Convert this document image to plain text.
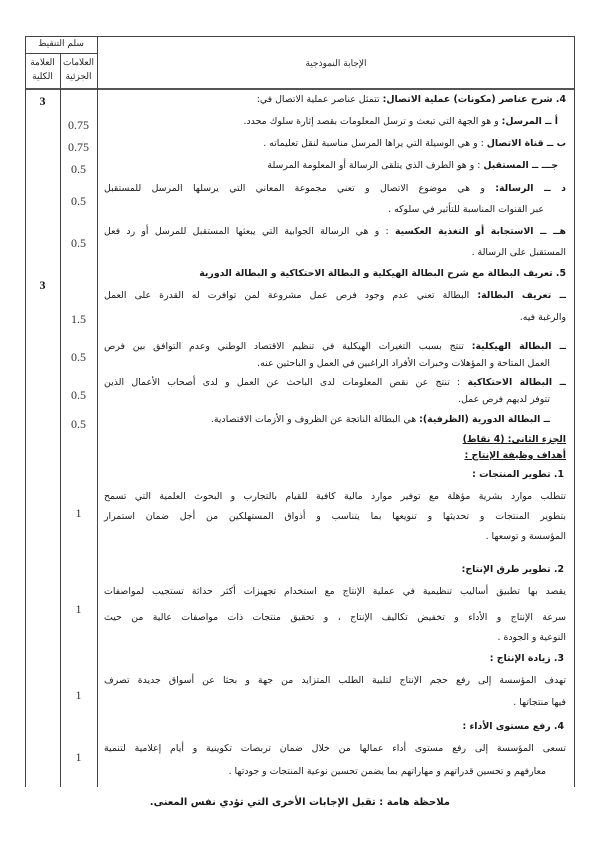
سلم التنقيط
العلامة
الكلية
العلامات
الجزئية
الإجابة النموذجية
3
0.75
0.75
0.5
0.5
0.5
3
1.5
0.5
0.5
0.5
1
1
1
1
4. شرح عناصر (مكونات) عملية الاتصال: تتمثل عناصر عملية الاتصال في:
أ ــ المرسل: و هو الجهة التي تبعث و ترسل المعلومات بقصد إثارة سلوك محدد.
ب ــ قناة الاتصال : و هي الوسيلة التي يراها المرسل مناسبة لنقل تعليماته .
جـــ ــ المستقبل : و هو الطرف الذي يتلقى الرسالة أو المعلومة المرسلة
د ــ الرسالة: و هي موضوع الاتصال و تعني مجموعة المعاني التي يرسلها المرسل للمستقبل
عبر القنوات المناسبة للتأثير في سلوكه .
هــ ــ الاستجابة أو التغذية العكسية : و هي الرسالة الجوابية التي يبعثها المستقبل للمرسل أو رد فعل
المستقبل على الرسالة .
5. تعريف البطالة مع شرح البطالة الهيكلية و البطالة الاحتكاكية و البطالة الدورية
ــ تعريف البطالة: البطالة تعني عدم وجود فرص عمل مشروعة لمن توافرت له القدرة على العمل
والرغبة فيه.
ــ البطالة الهيكلية: تنتج بسبب التغيرات الهيكلية في تنظيم الاقتصاد الوطني وعدم التوافق بين فرص
العمل المتاحة و المؤهلات وخبرات الأفراد الراغبين في العمل و الباحثين عنه.
ــ البطالة الاحتكاكية : تنتج عن نقص المعلومات لدى الباحث عن العمل و لدى أصحاب الأعمال الذين
تتوفر لديهم فرص عمل.
ــ البطالة الدورية (الظرفية): هي البطالة الناتجة عن الظروف و الأزمات الاقتصادية.
الجزء الثاني: (4 نقاط)
أهداف وظيفة الإنتاج :
1. تطوير المنتجات :
تتطلب موارد بشرية مؤهلة مع توفير موارد مالية كافية للقيام بالتجارب و البحوث العلمية التي تسمح
بتطوير المنتجات و تحديثها و تنويعها بما يتناسب و أذواق المستهلكين من أجل ضمان استمرار
المؤسسة و توسعها .
2. تطوير طرق الإنتاج:
يقصد بها تطبيق أساليب تنظيمية في عملية الإنتاج مع استخدام تجهيزات أكثر حداثة تستجيب لمواصفات
سرعة الإنتاج و الأداء و تخفيض تكاليف الإنتاج ، و تحقيق منتجات ذات مواصفات عالية من حيث
النوعية و الجودة .
3. زيادة الإنتاج :
تهدف المؤسسة إلى رفع حجم الإنتاج لتلبية الطلب المتزايد من جهة و بحثا عن أسواق جديدة تصرف
فيها منتجاتها .
4. رفع مستوى الأداء :
تسعى المؤسسة إلى رفع مستوى أداء عمالها من خلال ضمان تربصات تكوينية و أيام إعلامية لتنمية
معارفهم و تحسين قدراتهم و مهاراتهم بما يضمن تحسين نوعية المنتجات و جودتها .
ملاحظة هامة : تقبل الإجابات الأخرى التي تؤدي نفس المعنى.
